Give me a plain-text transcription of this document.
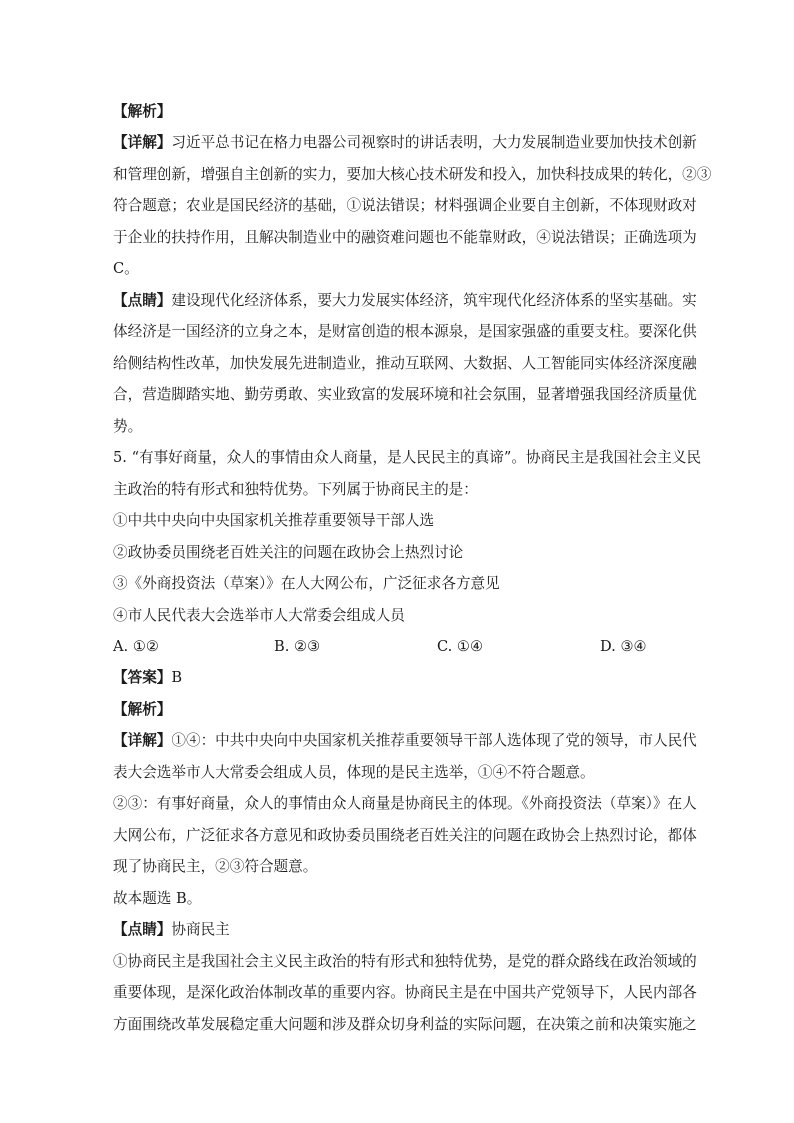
【解析】
【详解】习近平总书记在格力电器公司视察时的讲话表明，大力发展制造业要加快技术创新
和管理创新，增强自主创新的实力，要加大核心技术研发和投入，加快科技成果的转化，②③
符合题意；农业是国民经济的基础，①说法错误；材料强调企业要自主创新，不体现财政对
于企业的扶持作用，且解决制造业中的融资难问题也不能靠财政，④说法错误；正确选项为
C。
【点睛】建设现代化经济体系，要大力发展实体经济，筑牢现代化经济体系的坚实基础。实
体经济是一国经济的立身之本，是财富创造的根本源泉，是国家强盛的重要支柱。要深化供
给侧结构性改革，加快发展先进制造业，推动互联网、大数据、人工智能同实体经济深度融
合，营造脚踏实地、勤劳勇敢、实业致富的发展环境和社会氛围，显著增强我国经济质量优
势。
5. “有事好商量，众人的事情由众人商量，是人民民主的真谛”。协商民主是我国社会主义民
主政治的特有形式和独特优势。下列属于协商民主的是：
①中共中央向中央国家机关推荐重要领导干部人选
②政协委员围绕老百姓关注的问题在政协会上热烈讨论
③《外商投资法（草案）》在人大网公布，广泛征求各方意见
④市人民代表大会选举市人大常委会组成人员
A. ①②	B. ②③	C. ①④	D. ③④
【答案】B
【解析】
【详解】①④：中共中央向中央国家机关推荐重要领导干部人选体现了党的领导，市人民代
表大会选举市人大常委会组成人员，体现的是民主选举，①④不符合题意。
②③：有事好商量，众人的事情由众人商量是协商民主的体现。《外商投资法（草案）》在人
大网公布，广泛征求各方意见和政协委员围绕老百姓关注的问题在政协会上热烈讨论，都体
现了协商民主，②③符合题意。
故本题选 B。
【点睛】协商民主
①协商民主是我国社会主义民主政治的特有形式和独特优势，是党的群众路线在政治领域的
重要体现，是深化政治体制改革的重要内容。协商民主是在中国共产党领导下，人民内部各
方面围绕改革发展稳定重大问题和涉及群众切身利益的实际问题，在决策之前和决策实施之
